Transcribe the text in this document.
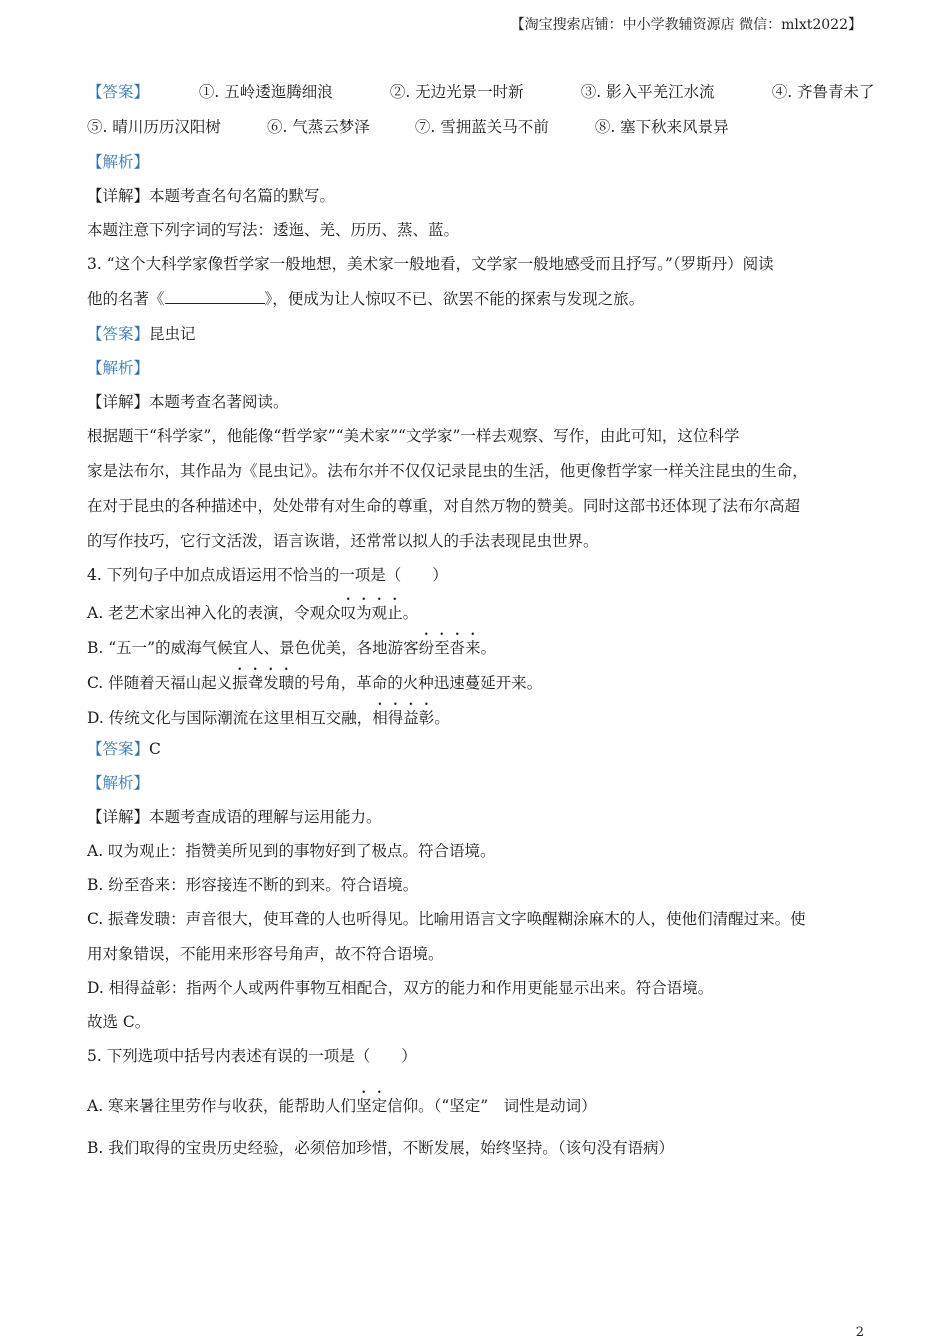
【淘宝搜索店铺：中小学教辅资源店 微信：mlxt2022】
【答案】	①. 五岭逶迤腾细浪	②. 无边光景一时新	③. 影入平羌江水流	④. 齐鲁青未了
⑤. 晴川历历汉阳树	⑥. 气蒸云梦泽	⑦. 雪拥蓝关马不前	⑧. 塞下秋来风景异
【解析】
【详解】本题考查名句名篇的默写。
本题注意下列字词的写法：逶迤、羌、历历、蒸、蓝。
3. “这个大科学家像哲学家一般地想，美术家一般地看，文学家一般地感受而且抒写。”（罗斯丹）阅读
他的名著《	》，便成为让人惊叹不已、欲罢不能的探索与发现之旅。
【答案】昆虫记
【解析】
【详解】本题考查名著阅读。
根据题干“科学家”，他能像“哲学家”“美术家”“文学家”一样去观察、写作，由此可知，这位科学
家是法布尔，其作品为《昆虫记》。法布尔并不仅仅记录昆虫的生活，他更像哲学家一样关注昆虫的生命，
在对于昆虫的各种描述中，处处带有对生命的尊重，对自然万物的赞美。同时这部书还体现了法布尔高超
的写作技巧，它行文活泼，语言诙谐，还常常以拟人的手法表现昆虫世界。
4. 下列句子中加点成语运用不恰当的一项是（　　）
A. 老艺术家出神入化的表演，令观众叹为观止。
B. “五一”的威海气候宜人、景色优美，各地游客纷至沓来。
C. 伴随着天福山起义振聋发聩的号角，革命的火种迅速蔓延开来。
D. 传统文化与国际潮流在这里相互交融，相得益彰。
【答案】C
【解析】
【详解】本题考查成语的理解与运用能力。
A. 叹为观止：指赞美所见到的事物好到了极点。符合语境。
B. 纷至沓来：形容接连不断的到来。符合语境。
C. 振聋发聩：声音很大，使耳聋的人也听得见。比喻用语言文字唤醒糊涂麻木的人，使他们清醒过来。使
用对象错误，不能用来形容号角声，故不符合语境。
D. 相得益彰：指两个人或两件事物互相配合，双方的能力和作用更能显示出来。符合语境。
故选 C。
5. 下列选项中括号内表述有误的一项是（　　）
A. 寒来暑往里劳作与收获，能帮助人们坚定信仰。（“坚定”　词性是动词）
B. 我们取得的宝贵历史经验，必须倍加珍惜，不断发展，始终坚持。（该句没有语病）
2
